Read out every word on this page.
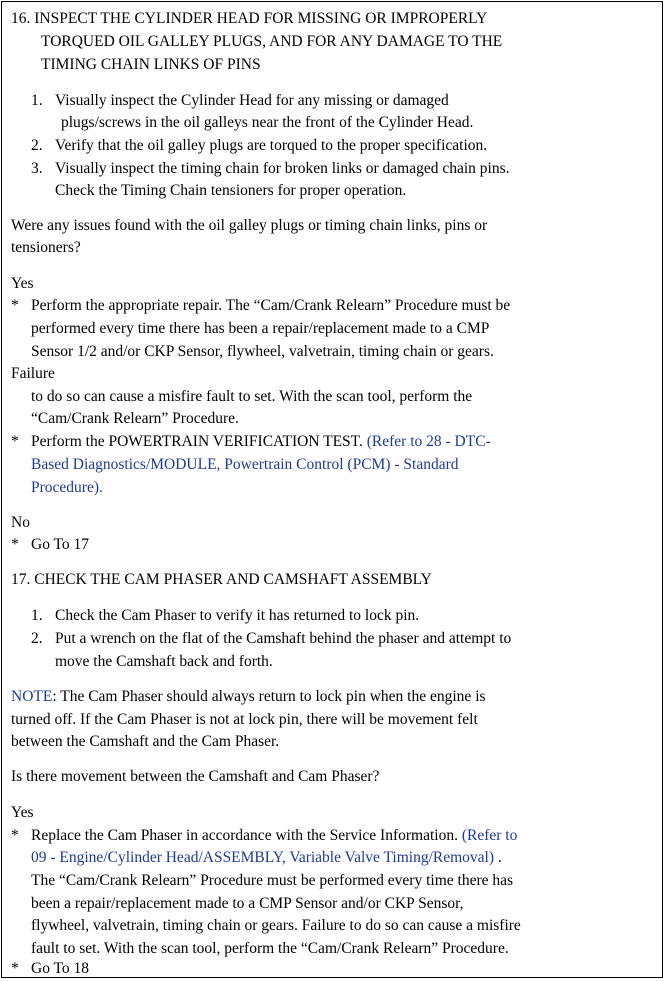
16. INSPECT THE CYLINDER HEAD FOR MISSING OR IMPROPERLY
TORQUED OIL GALLEY PLUGS, AND FOR ANY DAMAGE TO THE
TIMING CHAIN LINKS OF PINS
1. Visually inspect the Cylinder Head for any missing or damaged
plugs/screws in the oil galleys near the front of the Cylinder Head.
2. Verify that the oil galley plugs are torqued to the proper specification.
3. Visually inspect the timing chain for broken links or damaged chain pins.
Check the Timing Chain tensioners for proper operation.
Were any issues found with the oil galley plugs or timing chain links, pins or
tensioners?
Yes
* Perform the appropriate repair. The “Cam/Crank Relearn” Procedure must be
performed every time there has been a repair/replacement made to a CMP
Sensor 1/2 and/or CKP Sensor, flywheel, valvetrain, timing chain or gears.
Failure
to do so can cause a misfire fault to set. With the scan tool, perform the
“Cam/Crank Relearn” Procedure.
* Perform the POWERTRAIN VERIFICATION TEST. (Refer to 28 - DTC-
Based Diagnostics/MODULE, Powertrain Control (PCM) - Standard
Procedure).
No
* Go To 17
17. CHECK THE CAM PHASER AND CAMSHAFT ASSEMBLY
1. Check the Cam Phaser to verify it has returned to lock pin.
2. Put a wrench on the flat of the Camshaft behind the phaser and attempt to
move the Camshaft back and forth.
NOTE: The Cam Phaser should always return to lock pin when the engine is
turned off. If the Cam Phaser is not at lock pin, there will be movement felt
between the Camshaft and the Cam Phaser.
Is there movement between the Camshaft and Cam Phaser?
Yes
* Replace the Cam Phaser in accordance with the Service Information. (Refer to
09 - Engine/Cylinder Head/ASSEMBLY, Variable Valve Timing/Removal) .
The “Cam/Crank Relearn” Procedure must be performed every time there has
been a repair/replacement made to a CMP Sensor and/or CKP Sensor,
flywheel, valvetrain, timing chain or gears. Failure to do so can cause a misfire
fault to set. With the scan tool, perform the “Cam/Crank Relearn” Procedure.
* Go To 18
